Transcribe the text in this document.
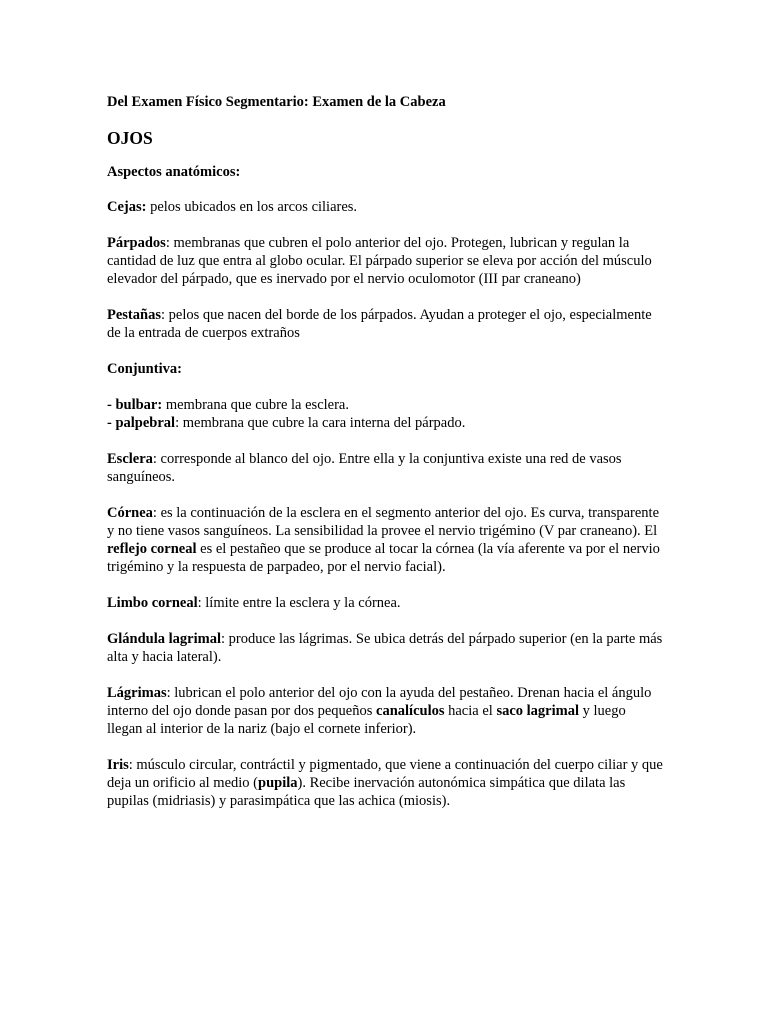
Del Examen Físico Segmentario: Examen de la Cabeza
OJOS
Aspectos anatómicos:

Cejas: pelos ubicados en los arcos ciliares.

Párpados: membranas que cubren el polo anterior del ojo. Protegen, lubrican y regulan la cantidad de luz que entra al globo ocular. El párpado superior se eleva por acción del músculo elevador del párpado, que es inervado por el nervio oculomotor (III par craneano)

Pestañas: pelos que nacen del borde de los párpados. Ayudan a proteger el ojo, especialmente de la entrada de cuerpos extraños

Conjuntiva:

- bulbar: membrana que cubre la esclera.

- palpebral: membrana que cubre la cara interna del párpado.

Esclera: corresponde al blanco del ojo. Entre ella y la conjuntiva existe una red de vasos sanguíneos.

Córnea: es la continuación de la esclera en el segmento anterior del ojo. Es curva, transparente y no tiene vasos sanguíneos. La sensibilidad la provee el nervio trigémino (V par craneano). El reflejo corneal es el pestañeo que se produce al tocar la córnea (la vía aferente va por el nervio trigémino y la respuesta de parpadeo, por el nervio facial).

Limbo corneal: límite entre la esclera y la córnea.

Glándula lagrimal: produce las lágrimas. Se ubica detrás del párpado superior (en la parte más alta y hacia lateral).

Lágrimas: lubrican el polo anterior del ojo con la ayuda del pestañeo. Drenan hacia el ángulo interno del ojo donde pasan por dos pequeños canalículos hacia el saco lagrimal y luego llegan al interior de la nariz (bajo el cornete inferior).

Iris: músculo circular, contráctil y pigmentado, que viene a continuación del cuerpo ciliar y que deja un orificio al medio (pupila). Recibe inervación autonómica simpática que dilata las pupilas (midriasis) y parasimpática que las achica (miosis).
